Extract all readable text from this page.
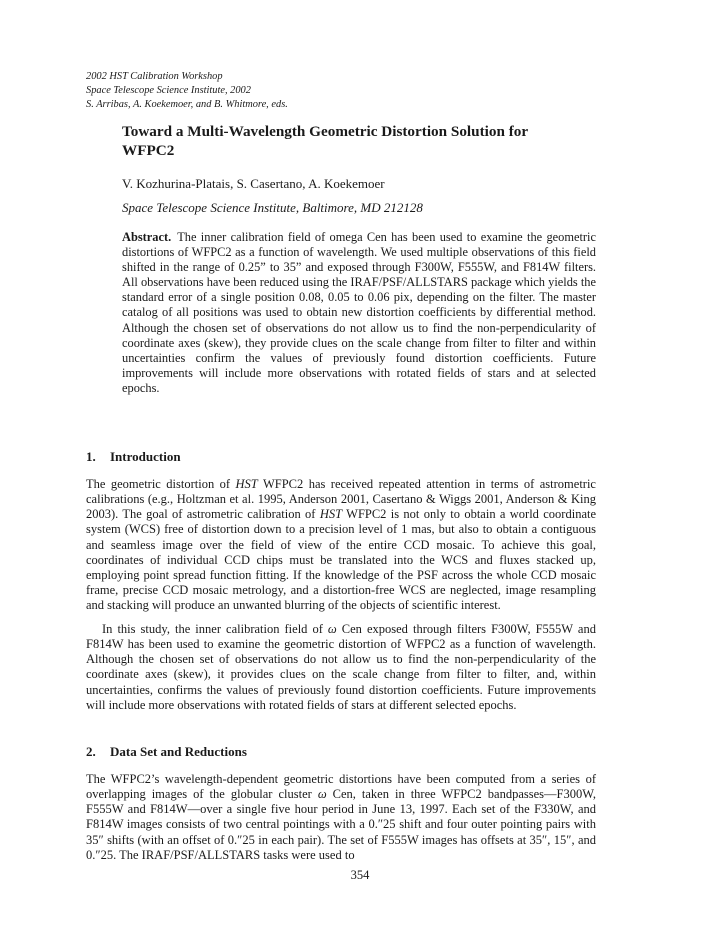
2002 HST Calibration Workshop
Space Telescope Science Institute, 2002
S. Arribas, A. Koekemoer, and B. Whitmore, eds.
Toward a Multi-Wavelength Geometric Distortion Solution for WFPC2
V. Kozhurina-Platais, S. Casertano, A. Koekemoer
Space Telescope Science Institute, Baltimore, MD 212128

Abstract. The inner calibration field of omega Cen has been used to examine the geometric distortions of WFPC2 as a function of wavelength. We used multiple observations of this field shifted in the range of 0.25” to 35” and exposed through F300W, F555W, and F814W filters. All observations have been reduced using the IRAF/PSF/ALLSTARS package which yields the standard error of a single position 0.08, 0.05 to 0.06 pix, depending on the filter. The master catalog of all positions was used to obtain new distortion coefficients by differential method. Although the chosen set of observations do not allow us to find the non-perpendicularity of coordinate axes (skew), they provide clues on the scale change from filter to filter and within uncertainties confirm the values of previously found distortion coefficients. Future improvements will include more observations with rotated fields of stars and at selected epochs.

1. Introduction

The geometric distortion of HST WFPC2 has received repeated attention in terms of astrometric calibrations (e.g., Holtzman et al. 1995, Anderson 2001, Casertano & Wiggs 2001, Anderson & King 2003). The goal of astrometric calibration of HST WFPC2 is not only to obtain a world coordinate system (WCS) free of distortion down to a precision level of 1 mas, but also to obtain a contiguous and seamless image over the field of view of the entire CCD mosaic. To achieve this goal, coordinates of individual CCD chips must be translated into the WCS and fluxes stacked up, employing point spread function fitting. If the knowledge of the PSF across the whole CCD mosaic frame, precise CCD mosaic metrology, and a distortion-free WCS are neglected, image resampling and stacking will produce an unwanted blurring of the objects of scientific interest.

In this study, the inner calibration field of ω Cen exposed through filters F300W, F555W and F814W has been used to examine the geometric distortion of WFPC2 as a function of wavelength. Although the chosen set of observations do not allow us to find the non-perpendicularity of the coordinate axes (skew), it provides clues on the scale change from filter to filter, and, within uncertainties, confirms the values of previously found distortion coefficients. Future improvements will include more observations with rotated fields of stars at different selected epochs.

2. Data Set and Reductions

The WFPC2’s wavelength-dependent geometric distortions have been computed from a series of overlapping images of the globular cluster ω Cen, taken in three WFPC2 bandpasses—F300W, F555W and F814W—over a single five hour period in June 13, 1997. Each set of the F330W, and F814W images consists of two central pointings with a 0.″25 shift and four outer pointing pairs with 35″ shifts (with an offset of 0.″25 in each pair). The set of F555W images has offsets at 35″, 15″, and 0.″25. The IRAF/PSF/ALLSTARS tasks were used to

354
